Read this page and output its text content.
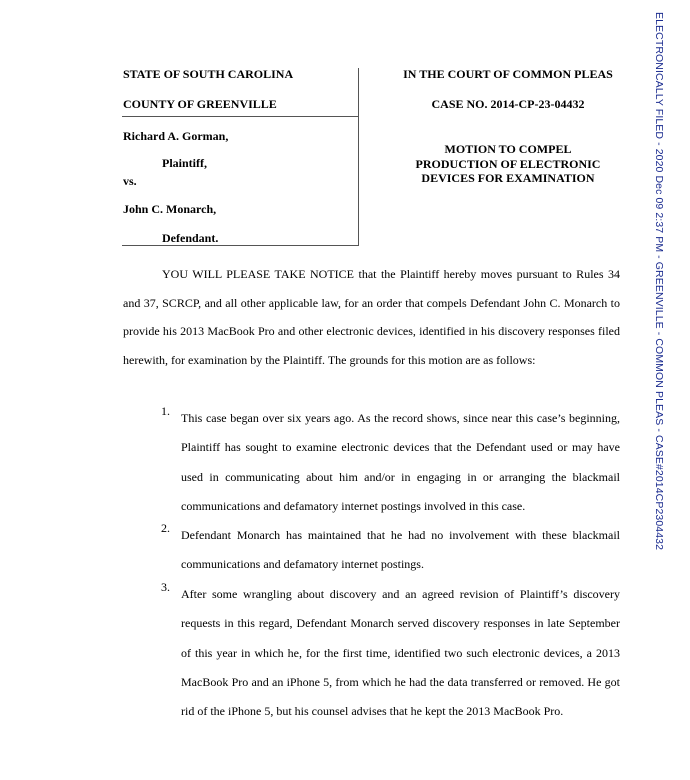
ELECTRONICALLY FILED - 2020 Dec 09 2:37 PM - GREENVILLE - COMMON PLEAS - CASE#2014CP2304432
STATE OF SOUTH CAROLINA
COUNTY OF GREENVILLE
Richard A. Gorman,
Plaintiff,
vs.
John C. Monarch,
Defendant.
IN THE COURT OF COMMON PLEAS
CASE NO. 2014-CP-23-04432
MOTION TO COMPEL
PRODUCTION OF ELECTRONIC
DEVICES FOR EXAMINATION

YOU WILL PLEASE TAKE NOTICE that the Plaintiff hereby moves pursuant to Rules 34 and 37, SCRCP, and all other applicable law, for an order that compels Defendant John C. Monarch to provide his 2013 MacBook Pro and other electronic devices, identified in his discovery responses filed herewith, for examination by the Plaintiff. The grounds for this motion are as follows:

1. This case began over six years ago. As the record shows, since near this case’s beginning, Plaintiff has sought to examine electronic devices that the Defendant used or may have used in communicating about him and/or in engaging in or arranging the blackmail communications and defamatory internet postings involved in this case.

2. Defendant Monarch has maintained that he had no involvement with these blackmail communications and defamatory internet postings.

3. After some wrangling about discovery and an agreed revision of Plaintiff’s discovery requests in this regard, Defendant Monarch served discovery responses in late September of this year in which he, for the first time, identified two such electronic devices, a 2013 MacBook Pro and an iPhone 5, from which he had the data transferred or removed. He got rid of the iPhone 5, but his counsel advises that he kept the 2013 MacBook Pro.
